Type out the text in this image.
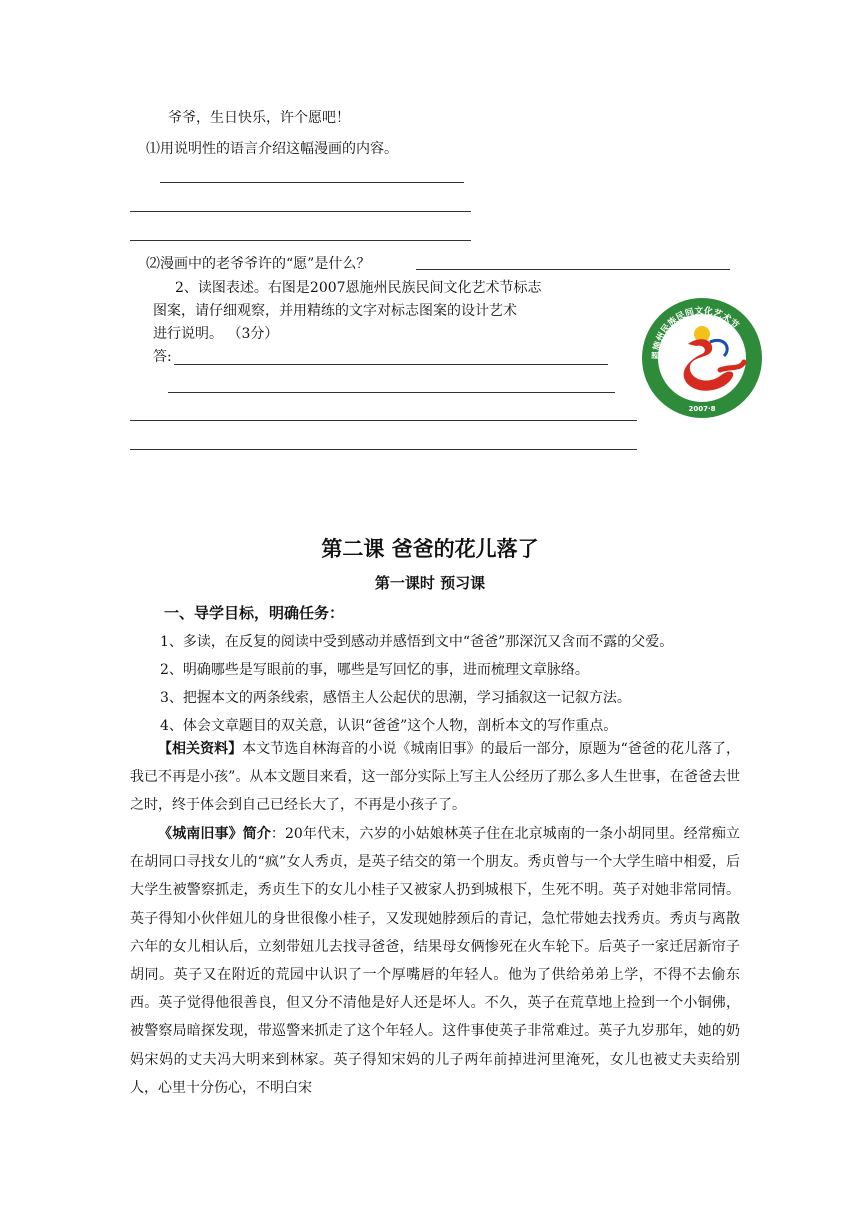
爷爷，生日快乐，许个愿吧！
⑴用说明性的语言介绍这幅漫画的内容。
⑵漫画中的老爷爷许的“愿”是什么？
2、读图表述。右图是2007恩施州民族民间文化艺术节标志
图案，请仔细观察，并用精练的文字对标志图案的设计艺术
进行说明。 （3分）
答:	恩施州民族民间文化艺术节
2007·8
第二课 爸爸的花儿落了
第一课时 预习课
一、导学目标，明确任务：
1、多读，在反复的阅读中受到感动并感悟到文中“爸爸”那深沉又含而不露的父爱。
2、明确哪些是写眼前的事，哪些是写回忆的事，进而梳理文章脉络。
3、把握本文的两条线索，感悟主人公起伏的思潮，学习插叙这一记叙方法。
4、体会文章题目的双关意，认识“爸爸”这个人物，剖析本文的写作重点。
【相关资料】本文节选自林海音的小说《城南旧事》的最后一部分，原题为“爸爸的花儿落了，我已不再是小孩”。从本文题目来看，这一部分实际上写主人公经历了那么多人生世事，在爸爸去世之时，终于体会到自己已经长大了，不再是小孩子了。
《城南旧事》简介：20年代末，六岁的小姑娘林英子住在北京城南的一条小胡同里。经常痴立在胡同口寻找女儿的“疯”女人秀贞，是英子结交的第一个朋友。秀贞曾与一个大学生暗中相爱，后大学生被警察抓走，秀贞生下的女儿小桂子又被家人扔到城根下，生死不明。英子对她非常同情。英子得知小伙伴妞儿的身世很像小桂子，又发现她脖颈后的青记，急忙带她去找秀贞。秀贞与离散六年的女儿相认后，立刻带妞儿去找寻爸爸，结果母女俩惨死在火车轮下。后英子一家迁居新帘子胡同。英子又在附近的荒园中认识了一个厚嘴唇的年轻人。他为了供给弟弟上学，不得不去偷东西。英子觉得他很善良，但又分不清他是好人还是坏人。不久，英子在荒草地上捡到一个小铜佛，被警察局暗探发现，带巡警来抓走了这个年轻人。这件事使英子非常难过。英子九岁那年，她的奶妈宋妈的丈夫冯大明来到林家。英子得知宋妈的儿子两年前掉进河里淹死，女儿也被丈夫卖给别人，心里十分伤心，不明白宋
